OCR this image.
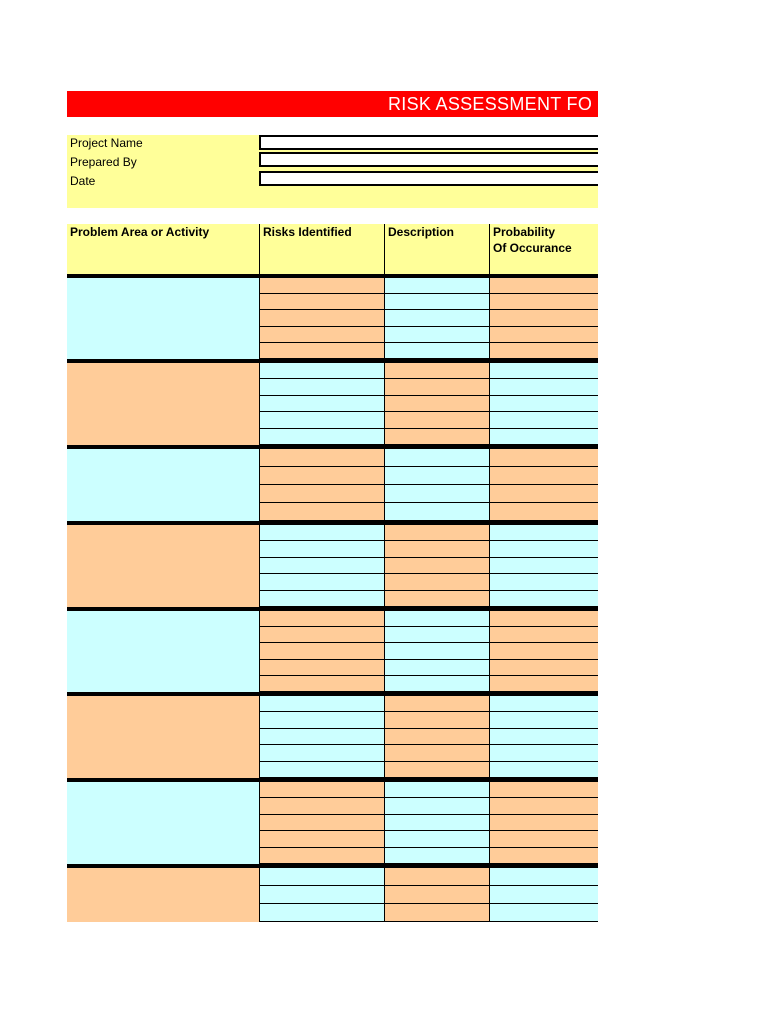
RISK ASSESSMENT FO
Project Name
Prepared By
Date
Problem Area or Activity	Risks Identified	Description	Probability
Of Occurance
